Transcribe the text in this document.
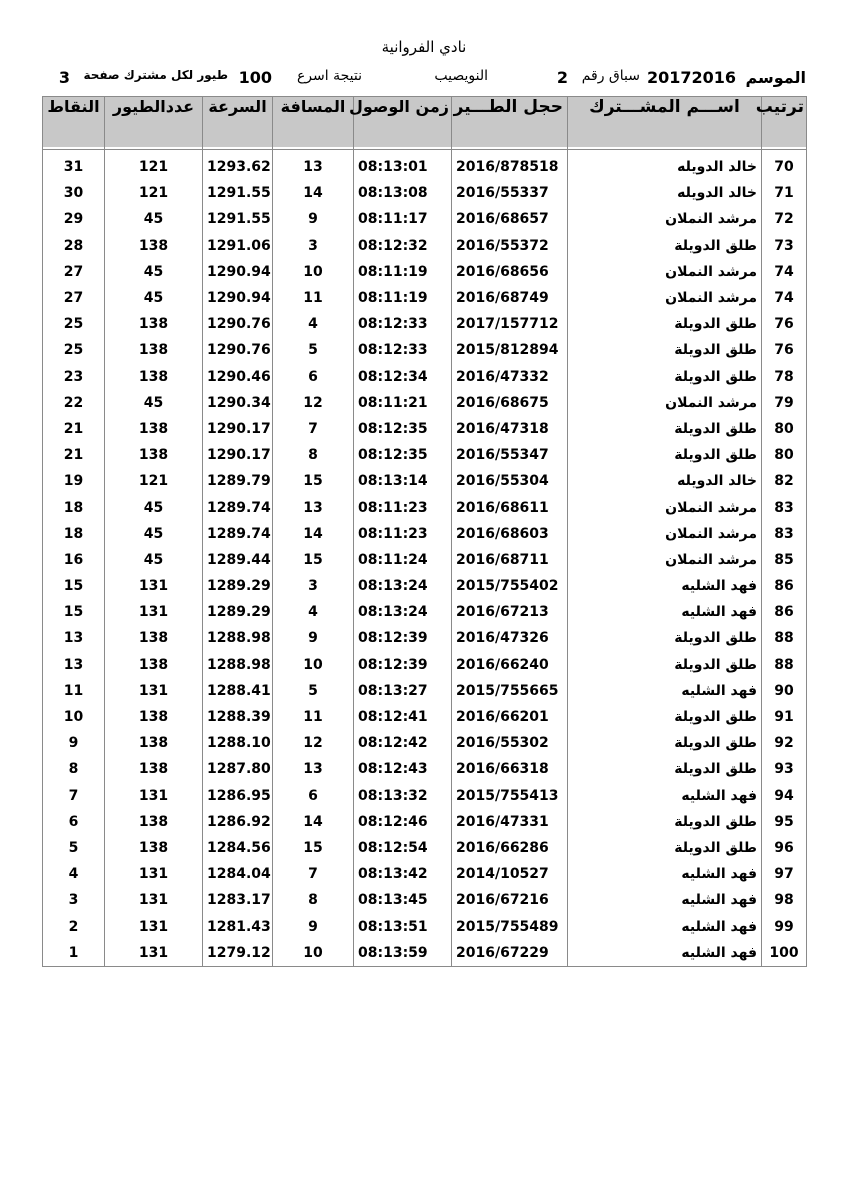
نادي الفروانية
الموسم
20172016
سباق رقم
2
النويصيب
نتيجة اسرع
100
طيور لكل مشترك صفحة
3
ترتيب	اســـم المشـــترك	حجل الطـــير	زمن الوصول	المسافة	السرعة	عددالطيور	النقاط

70	خالد الدويله	2016/878518	08:13:01	13	1293.62	121	31
71	خالد الدويله	2016/55337	08:13:08	14	1291.55	121	30
72	مرشد النملان	2016/68657	08:11:17	9	1291.55	45	29
73	طلق الدويلة	2016/55372	08:12:32	3	1291.06	138	28
74	مرشد النملان	2016/68656	08:11:19	10	1290.94	45	27
74	مرشد النملان	2016/68749	08:11:19	11	1290.94	45	27
76	طلق الدويلة	2017/157712	08:12:33	4	1290.76	138	25
76	طلق الدويلة	2015/812894	08:12:33	5	1290.76	138	25
78	طلق الدويلة	2016/47332	08:12:34	6	1290.46	138	23
79	مرشد النملان	2016/68675	08:11:21	12	1290.34	45	22
80	طلق الدويلة	2016/47318	08:12:35	7	1290.17	138	21
80	طلق الدويلة	2016/55347	08:12:35	8	1290.17	138	21
82	خالد الدويله	2016/55304	08:13:14	15	1289.79	121	19
83	مرشد النملان	2016/68611	08:11:23	13	1289.74	45	18
83	مرشد النملان	2016/68603	08:11:23	14	1289.74	45	18
85	مرشد النملان	2016/68711	08:11:24	15	1289.44	45	16
86	فهد الشليه	2015/755402	08:13:24	3	1289.29	131	15
86	فهد الشليه	2016/67213	08:13:24	4	1289.29	131	15
88	طلق الدويلة	2016/47326	08:12:39	9	1288.98	138	13
88	طلق الدويلة	2016/66240	08:12:39	10	1288.98	138	13
90	فهد الشليه	2015/755665	08:13:27	5	1288.41	131	11
91	طلق الدويلة	2016/66201	08:12:41	11	1288.39	138	10
92	طلق الدويلة	2016/55302	08:12:42	12	1288.10	138	9
93	طلق الدويلة	2016/66318	08:12:43	13	1287.80	138	8
94	فهد الشليه	2015/755413	08:13:32	6	1286.95	131	7
95	طلق الدويلة	2016/47331	08:12:46	14	1286.92	138	6
96	طلق الدويلة	2016/66286	08:12:54	15	1284.56	138	5
97	فهد الشليه	2014/10527	08:13:42	7	1284.04	131	4
98	فهد الشليه	2016/67216	08:13:45	8	1283.17	131	3
99	فهد الشليه	2015/755489	08:13:51	9	1281.43	131	2
100	فهد الشليه	2016/67229	08:13:59	10	1279.12	131	1
